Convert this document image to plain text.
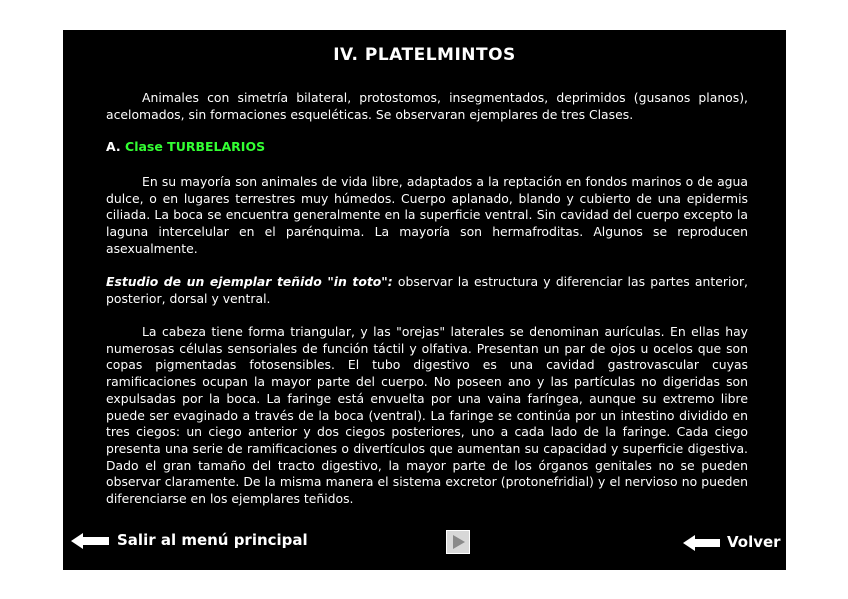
IV. PLATELMINTOS

Animales con simetría bilateral, protostomos, insegmentados, deprimidos (gusanos planos), acelomados, sin formaciones esqueléticas. Se observaran ejemplares de tres Clases.

A. Clase TURBELARIOS

En su mayoría son animales de vida libre, adaptados a la reptación en fondos marinos o de agua dulce, o en lugares terrestres muy húmedos. Cuerpo aplanado, blando y cubierto de una epidermis ciliada. La boca se encuentra generalmente en la superficie ventral. Sin cavidad del cuerpo excepto la laguna intercelular en el parénquima. La mayoría son hermafroditas. Algunos se reproducen asexualmente.

Estudio de un ejemplar teñido "in toto": observar la estructura y diferenciar las partes anterior, posterior, dorsal y ventral.

La cabeza tiene forma triangular, y las "orejas" laterales se denominan aurículas. En ellas hay numerosas células sensoriales de función táctil y olfativa. Presentan un par de ojos u ocelos que son copas pigmentadas fotosensibles. El tubo digestivo es una cavidad gastrovascular cuyas ramificaciones ocupan la mayor parte del cuerpo. No poseen ano y las partículas no digeridas son expulsadas por la boca. La faringe está envuelta por una vaina faríngea, aunque su extremo libre puede ser evaginado a través de la boca (ventral). La faringe se continúa por un intestino dividido en tres ciegos: un ciego anterior y dos ciegos posteriores, uno a cada lado de la faringe. Cada ciego presenta una serie de ramificaciones o divertículos que aumentan su capacidad y superficie digestiva. Dado el gran tamaño del tracto digestivo, la mayor parte de los órganos genitales no se pueden observar claramente. De la misma manera el sistema excretor (protonefridial) y el nervioso no pueden diferenciarse en los ejemplares teñidos.

Salir al menú principal	Volver
